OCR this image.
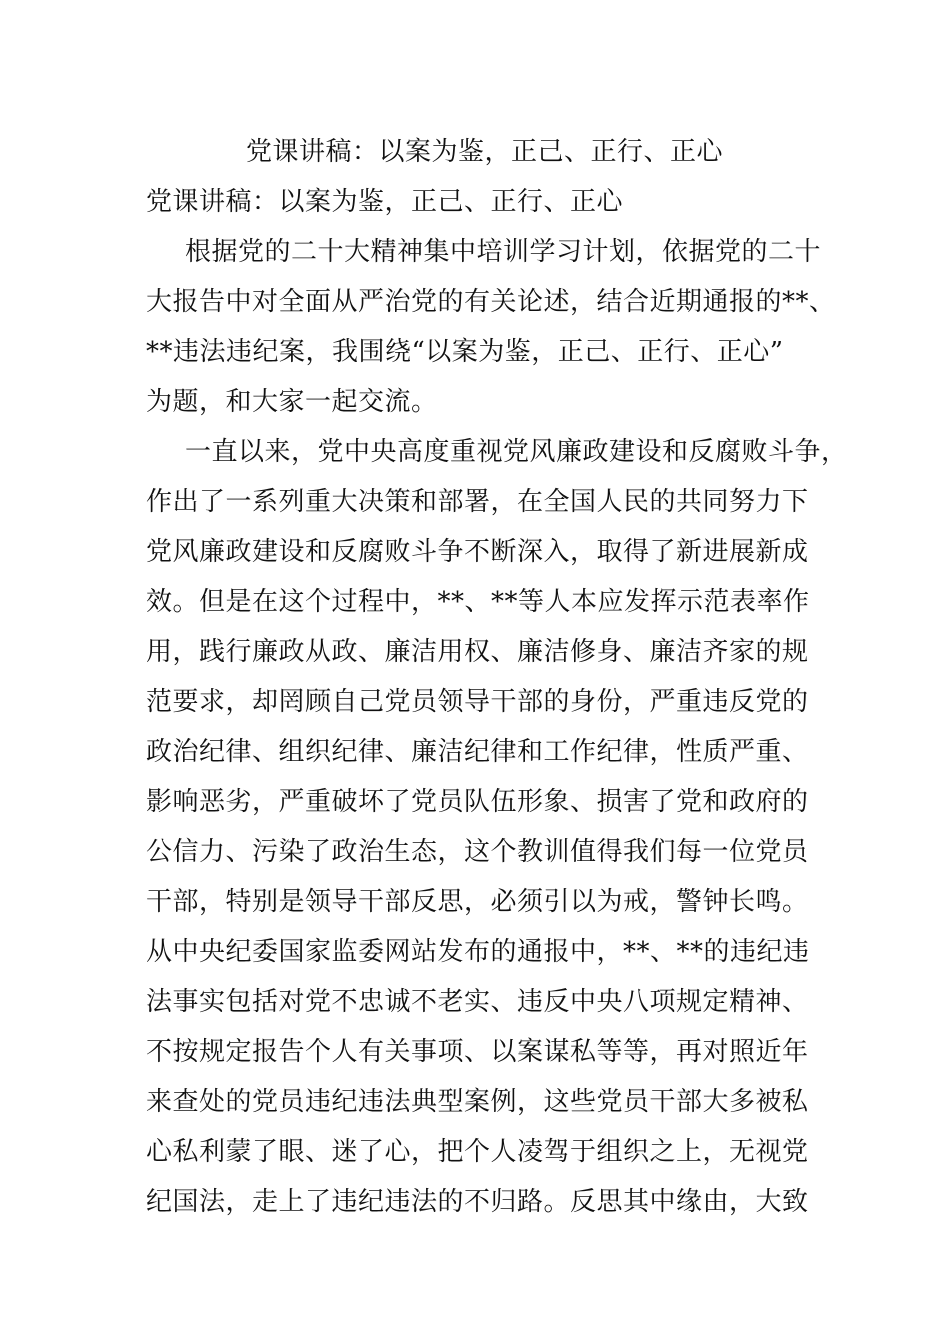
党课讲稿：以案为鉴，正己、正行、正心
党课讲稿：以案为鉴，正己、正行、正心
根据党的二十大精神集中培训学习计划，依据党的二十
大报告中对全面从严治党的有关论述，结合近期通报的**、
**违法违纪案，我围绕“以案为鉴，正己、正行、正心”
为题，和大家一起交流。
一直以来，党中央高度重视党风廉政建设和反腐败斗争，
作出了一系列重大决策和部署，在全国人民的共同努力下
党风廉政建设和反腐败斗争不断深入，取得了新进展新成
效。但是在这个过程中，**、**等人本应发挥示范表率作
用，践行廉政从政、廉洁用权、廉洁修身、廉洁齐家的规
范要求，却罔顾自己党员领导干部的身份，严重违反党的
政治纪律、组织纪律、廉洁纪律和工作纪律，性质严重、
影响恶劣，严重破坏了党员队伍形象、损害了党和政府的
公信力、污染了政治生态，这个教训值得我们每一位党员
干部，特别是领导干部反思，必须引以为戒，警钟长鸣。
从中央纪委国家监委网站发布的通报中，**、**的违纪违
法事实包括对党不忠诚不老实、违反中央八项规定精神、
不按规定报告个人有关事项、以案谋私等等，再对照近年
来查处的党员违纪违法典型案例，这些党员干部大多被私
心私利蒙了眼、迷了心，把个人凌驾于组织之上，无视党
纪国法，走上了违纪违法的不归路。反思其中缘由，大致
